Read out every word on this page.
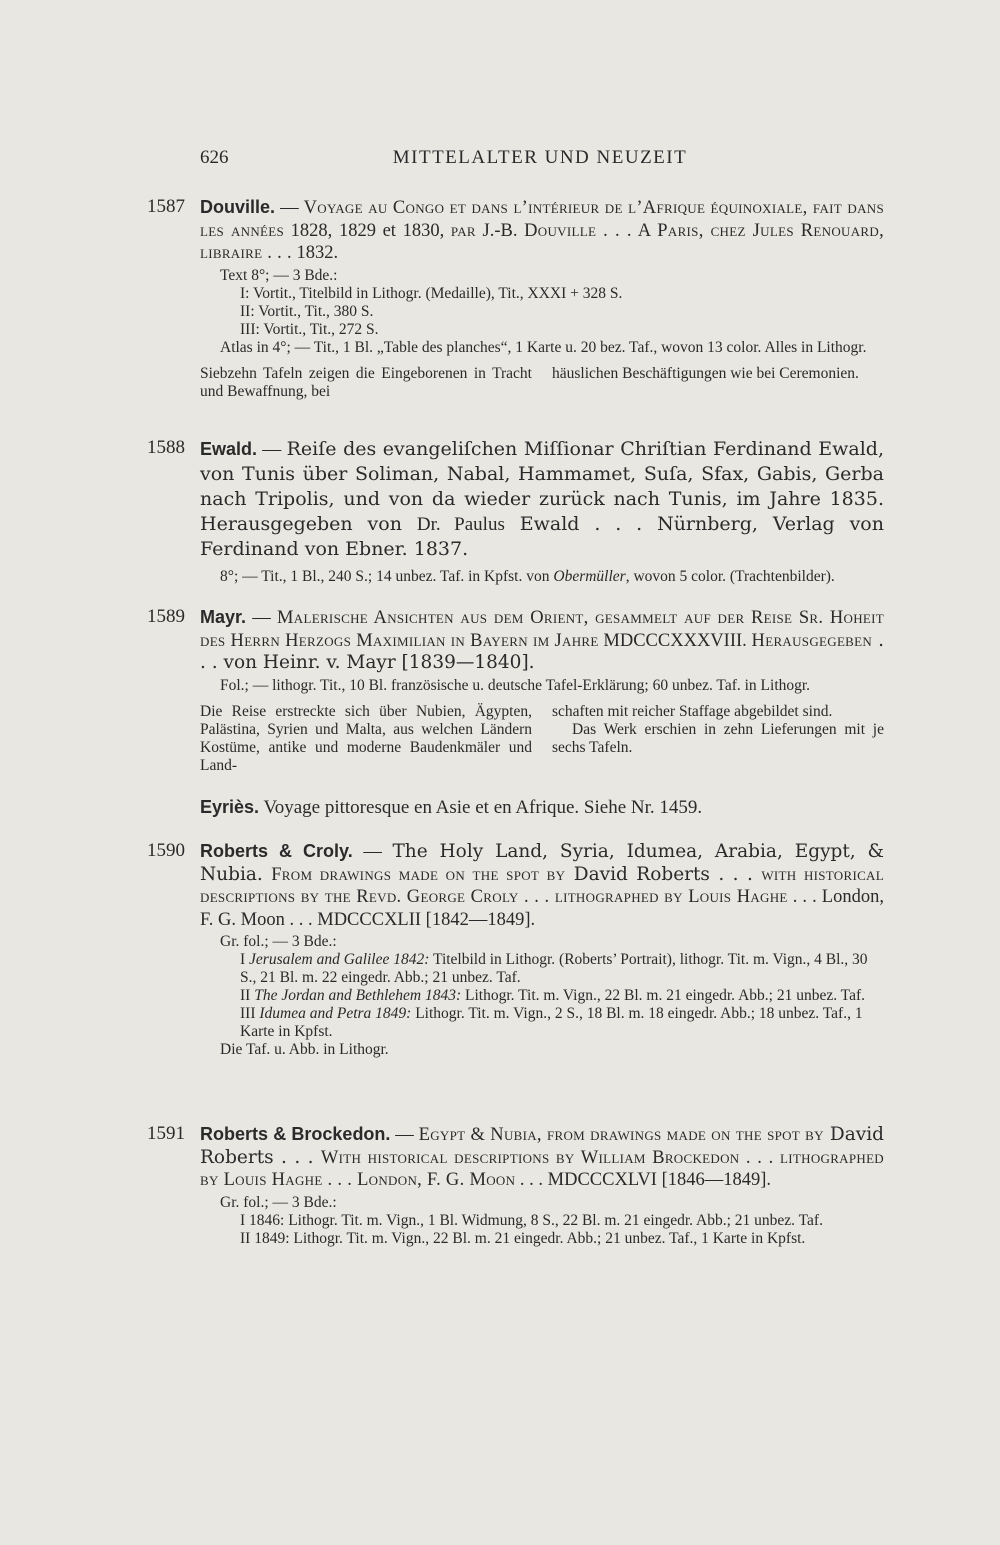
626	MITTELALTER UND NEUZEIT
1587 Douville. — Voyage au Congo et dans l’intérieur de l’Afrique équinoxiale, fait dans les années 1828, 1829 et 1830, par J.-B. Douville . . . A Paris, chez Jules Renouard, libraire . . . 1832.
Text 8°; — 3 Bde.:
I: Vortit., Titelbild in Lithogr. (Medaille), Tit., XXXI + 328 S.
II: Vortit., Tit., 380 S.
III: Vortit., Tit., 272 S.
Atlas in 4°; — Tit., 1 Bl. „Table des planches“, 1 Karte u. 20 bez. Taf., wovon 13 color. Alles in Lithogr.

Siebzehn Tafeln zeigen die Eingeborenen in Tracht und Bewaffnung, bei

häuslichen Beschäftigungen wie bei Ceremonien.

1588 Ewald. — Reiſe des evangeliſchen Miſſionar Chriſtian Ferdinand Ewald, von Tunis über Soliman, Nabal, Hammamet, Suſa, Sfax, Gabis, Gerba nach Tripolis, und von da wieder zurück nach Tunis, im Jahre 1835. Herausgegeben von Dr. Paulus Ewald . . . Nürnberg, Verlag von Ferdinand von Ebner. 1837.
8°; — Tit., 1 Bl., 240 S.; 14 unbez. Taf. in Kpfst. von Obermüller, wovon 5 color. (Trachtenbilder).
1589 Mayr. — Malerische Ansichten aus dem Orient, gesammelt auf der Reise Sr. Hoheit des Herrn Herzogs Maximilian in Bayern im Jahre MDCCCXXXVIII. Herausgegeben . . . von Heinr. v. Mayr [1839—1840].
Fol.; — lithogr. Tit., 10 Bl. französische u. deutsche Tafel-Erklärung; 60 unbez. Taf. in Lithogr.

Die Reise erstreckte sich über Nubien, Ägypten, Palästina, Syrien und Malta, aus welchen Ländern Kostüme, antike und moderne Baudenkmäler und Land-

schaften mit reicher Staffage abgebildet sind.

Das Werk erschien in zehn Lieferungen mit je sechs Tafeln.

Eyriès. Voyage pittoresque en Asie et en Afrique. Siehe Nr. 1459.
1590 Roberts & Croly. — The Holy Land, Syria, Idumea, Arabia, Egypt, & Nubia. From drawings made on the spot by David Roberts . . . with historical descriptions by the Revd. George Croly . . . lithographed by Louis Haghe . . . London, F. G. Moon . . . MDCCCXLII [1842—1849].
Gr. fol.; — 3 Bde.:
I Jerusalem and Galilee 1842: Titelbild in Lithogr. (Roberts’ Portrait), lithogr. Tit. m. Vign., 4 Bl., 30 S., 21 Bl. m. 22 eingedr. Abb.; 21 unbez. Taf.
II The Jordan and Bethlehem 1843: Lithogr. Tit. m. Vign., 22 Bl. m. 21 eingedr. Abb.; 21 unbez. Taf.
III Idumea and Petra 1849: Lithogr. Tit. m. Vign., 2 S., 18 Bl. m. 18 eingedr. Abb.; 18 unbez. Taf., 1 Karte in Kpfst.
Die Taf. u. Abb. in Lithogr.
1591 Roberts & Brockedon. — Egypt & Nubia, from drawings made on the spot by David Roberts . . . With historical descriptions by William Brockedon . . . lithographed by Louis Haghe . . . London, F. G. Moon . . . MDCCCXLVI [1846—1849].
Gr. fol.; — 3 Bde.:
I 1846: Lithogr. Tit. m. Vign., 1 Bl. Widmung, 8 S., 22 Bl. m. 21 eingedr. Abb.; 21 unbez. Taf.
II 1849: Lithogr. Tit. m. Vign., 22 Bl. m. 21 eingedr. Abb.; 21 unbez. Taf., 1 Karte in Kpfst.
